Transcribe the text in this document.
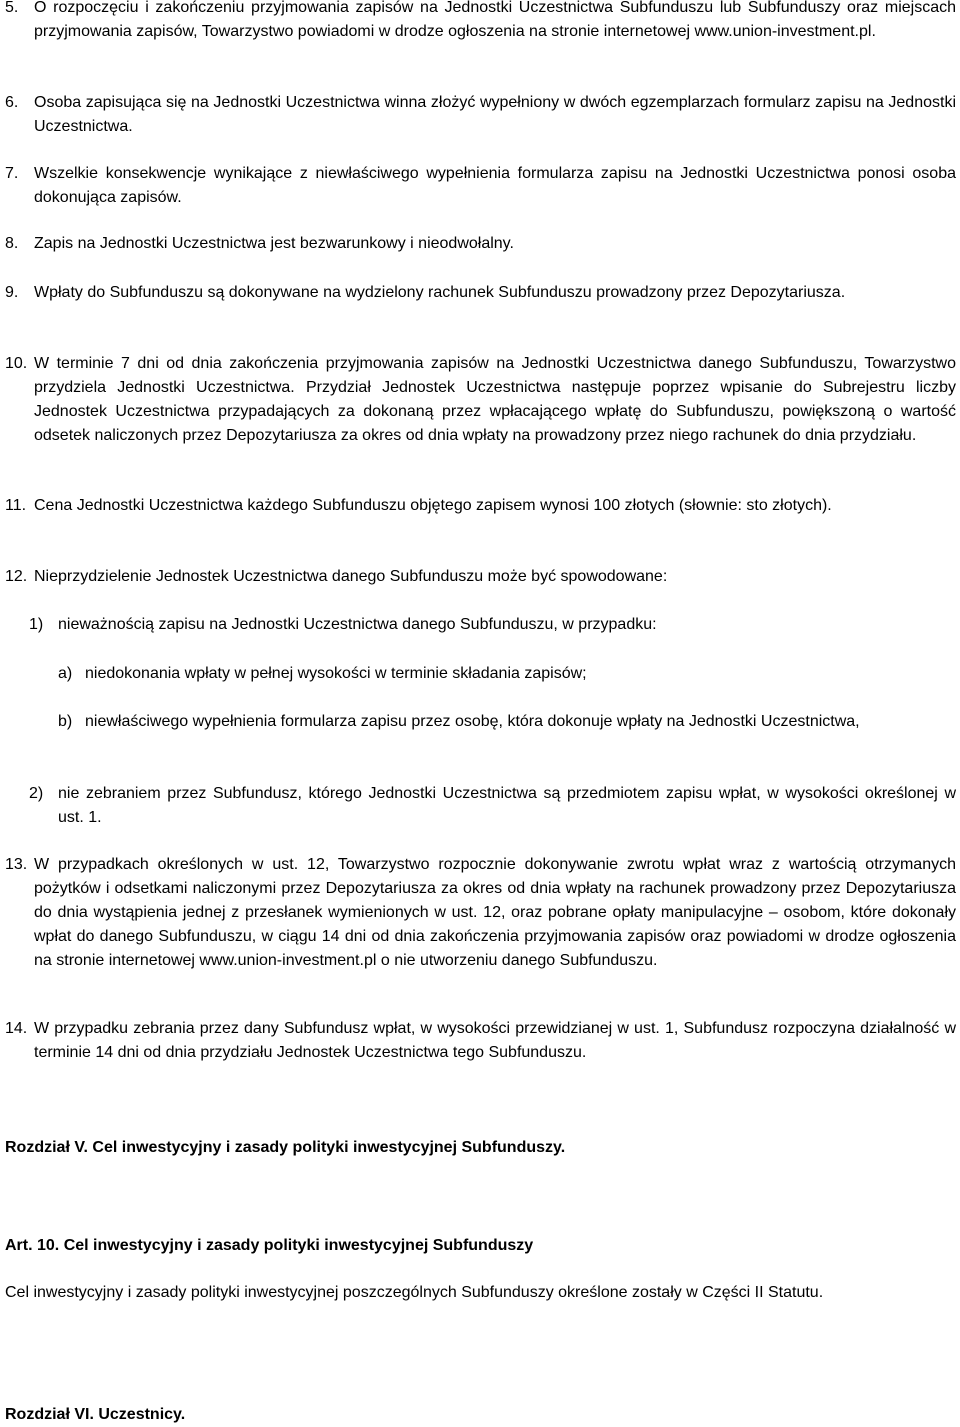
5. O rozpoczęciu i zakończeniu przyjmowania zapisów na Jednostki Uczestnictwa Subfunduszu lub Subfunduszy oraz miejscach przyjmowania zapisów, Towarzystwo powiadomi w drodze ogłoszenia na stronie internetowej www.union-investment.pl.
6. Osoba zapisująca się na Jednostki Uczestnictwa winna złożyć wypełniony w dwóch egzemplarzach formularz zapisu na Jednostki Uczestnictwa.
7. Wszelkie konsekwencje wynikające z niewłaściwego wypełnienia formularza zapisu na Jednostki Uczestnictwa ponosi osoba dokonująca zapisów.
8. Zapis na Jednostki Uczestnictwa jest bezwarunkowy i nieodwołalny.
9. Wpłaty do Subfunduszu są dokonywane na wydzielony rachunek Subfunduszu prowadzony przez Depozytariusza.
10. W terminie 7 dni od dnia zakończenia przyjmowania zapisów na Jednostki Uczestnictwa danego Subfunduszu, Towarzystwo przydziela Jednostki Uczestnictwa. Przydział Jednostek Uczestnictwa następuje poprzez wpisanie do Subrejestru liczby Jednostek Uczestnictwa przypadających za dokonaną przez wpłacającego wpłatę do Subfunduszu, powiększoną o wartość odsetek naliczonych przez Depozytariusza za okres od dnia wpłaty na prowadzony przez niego rachunek do dnia przydziału.
11. Cena Jednostki Uczestnictwa każdego Subfunduszu objętego zapisem wynosi 100 złotych (słownie: sto złotych).
12. Nieprzydzielenie Jednostek Uczestnictwa danego Subfunduszu może być spowodowane:
1) nieważnością zapisu na Jednostki Uczestnictwa danego Subfunduszu, w przypadku:
a) niedokonania wpłaty w pełnej wysokości w terminie składania zapisów;
b) niewłaściwego wypełnienia formularza zapisu przez osobę, która dokonuje wpłaty na Jednostki Uczestnictwa,
2) nie zebraniem przez Subfundusz, którego Jednostki Uczestnictwa są przedmiotem zapisu wpłat, w wysokości określonej w ust. 1.
13. W przypadkach określonych w ust. 12, Towarzystwo rozpocznie dokonywanie zwrotu wpłat wraz z wartością otrzymanych pożytków i odsetkami naliczonymi przez Depozytariusza za okres od dnia wpłaty na rachunek prowadzony przez Depozytariusza do dnia wystąpienia jednej z przesłanek wymienionych w ust. 12, oraz pobrane opłaty manipulacyjne – osobom, które dokonały wpłat do danego Subfunduszu, w ciągu 14 dni od dnia zakończenia przyjmowania zapisów oraz powiadomi w drodze ogłoszenia na stronie internetowej www.union-investment.pl o nie utworzeniu danego Subfunduszu.
14. W przypadku zebrania przez dany Subfundusz wpłat, w wysokości przewidzianej w ust. 1, Subfundusz rozpoczyna działalność w terminie 14 dni od dnia przydziału Jednostek Uczestnictwa tego Subfunduszu.
Rozdział V. Cel inwestycyjny i zasady polityki inwestycyjnej Subfunduszy.
Art. 10. Cel inwestycyjny i zasady polityki inwestycyjnej Subfunduszy
Cel inwestycyjny i zasady polityki inwestycyjnej poszczególnych Subfunduszy określone zostały w Części II Statutu.
Rozdział VI. Uczestnicy.
